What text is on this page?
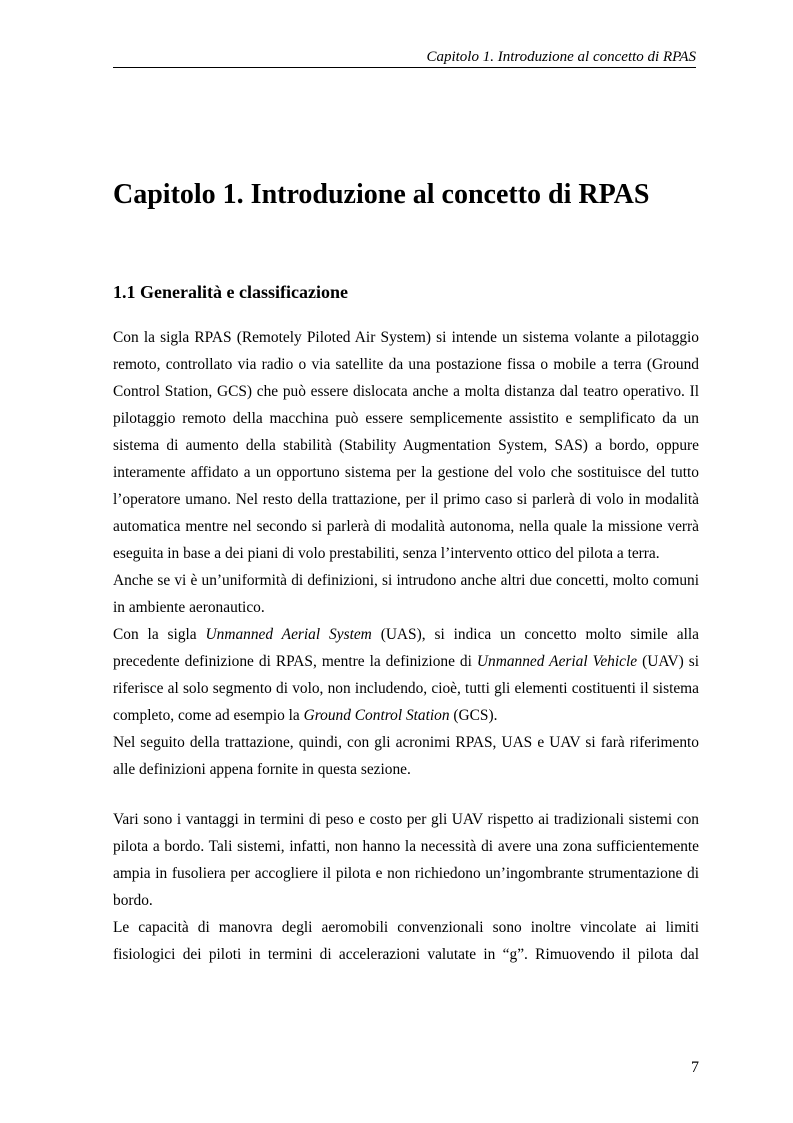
Capitolo 1. Introduzione al concetto di RPAS
Capitolo 1. Introduzione al concetto di RPAS
1.1 Generalità e classificazione

Con la sigla RPAS (Remotely Piloted Air System) si intende un sistema volante a pilotaggio remoto, controllato via radio o via satellite da una postazione fissa o mobile a terra (Ground Control Station, GCS) che può essere dislocata anche a molta distanza dal teatro operativo. Il pilotaggio remoto della macchina può essere semplicemente assistito e semplificato da un sistema di aumento della stabilità (Stability Augmentation System, SAS) a bordo, oppure interamente affidato a un opportuno sistema per la gestione del volo che sostituisce del tutto l’operatore umano. Nel resto della trattazione, per il primo caso si parlerà di volo in modalità automatica mentre nel secondo si parlerà di modalità autonoma, nella quale la missione verrà eseguita in base a dei piani di volo prestabiliti, senza l’intervento ottico del pilota a terra.

Anche se vi è un’uniformità di definizioni, si intrudono anche altri due concetti, molto comuni in ambiente aeronautico.

Con la sigla Unmanned Aerial System (UAS), si indica un concetto molto simile alla precedente definizione di RPAS, mentre la definizione di Unmanned Aerial Vehicle (UAV) si riferisce al solo segmento di volo, non includendo, cioè, tutti gli elementi costituenti il sistema completo, come ad esempio la Ground Control Station (GCS).

Nel seguito della trattazione, quindi, con gli acronimi RPAS, UAS e UAV si farà riferimento alle definizioni appena fornite in questa sezione.

Vari sono i vantaggi in termini di peso e costo per gli UAV rispetto ai tradizionali sistemi con pilota a bordo. Tali sistemi, infatti, non hanno la necessità di avere una zona sufficientemente ampia in fusoliera per accogliere il pilota e non richiedono un’ingombrante strumentazione di bordo.

Le capacità di manovra degli aeromobili convenzionali sono inoltre vincolate ai limiti fisiologici dei piloti in termini di accelerazioni valutate in “g”. Rimuovendo il pilota dal

7
